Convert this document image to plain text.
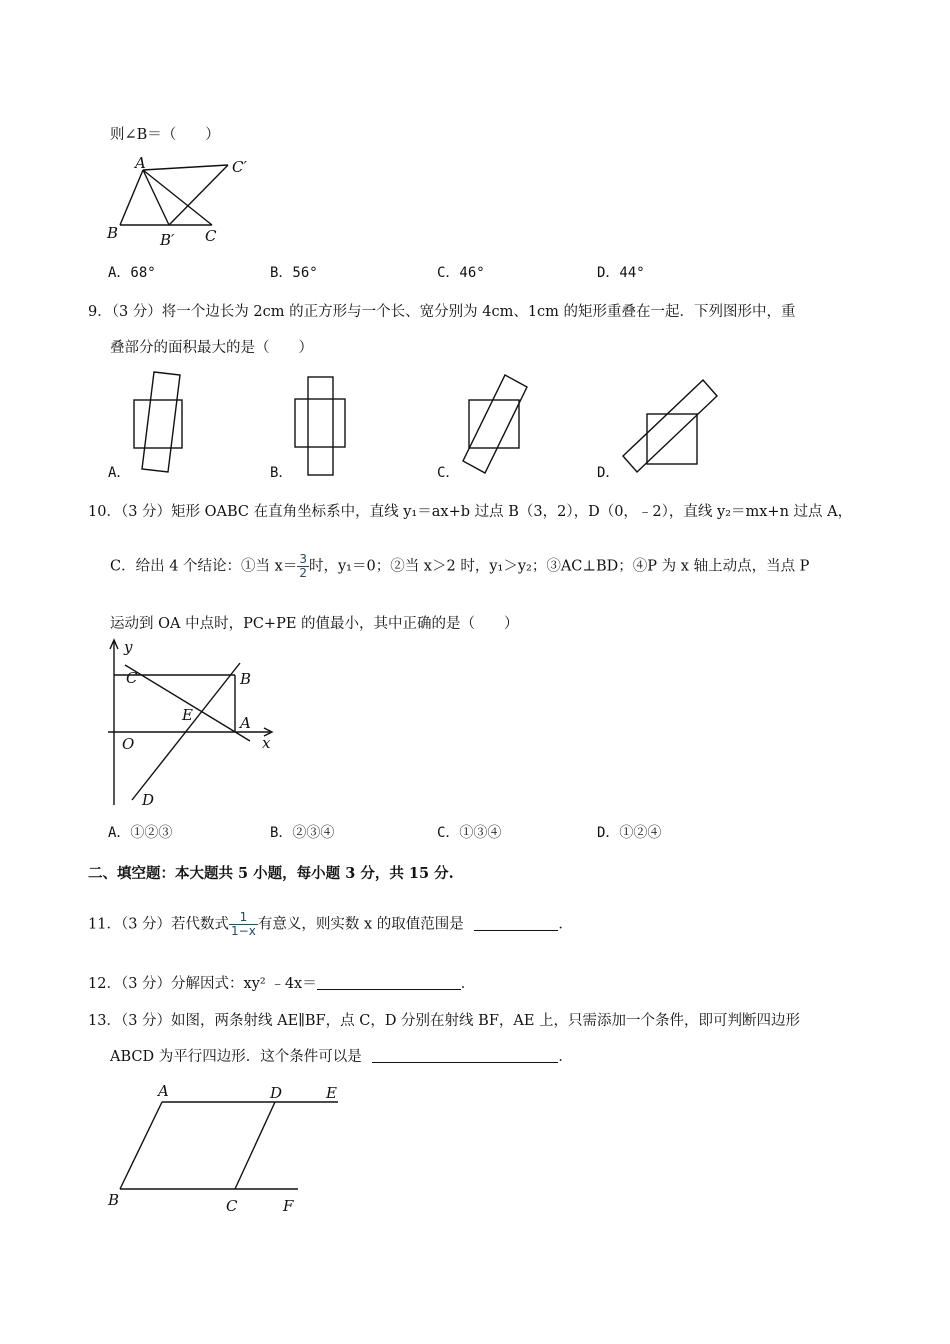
则∠B＝（　　）
A
B	B′ C
C′
A．68°	B．56°	C．46°	D．44°
9．（3 分）将一个边长为 2cm 的正方形与一个长、宽分别为 4cm、1cm 的矩形重叠在一起．下列图形中，重
叠部分的面积最大的是（　　）
A．	B．	C．	D．
10．（3 分）矩形 OABC 在直角坐标系中，直线 y₁＝ax+b 过点 B（3，2），D（0，﹣2），直线 y₂＝mx+n 过点 A，
C．给出 4 个结论：①当 $x= \frac{3}{2}$ 时，y₁＝0；②当 x＞2 时，y₁＞y₂；③AC⊥BD；④P 为 x 轴上动点，当点 P
运动到 OA 中点时，PC+PE 的值最小，其中正确的是（　　）
y
x
C	B
E	A
O
D
A．①②③	B．②③④	C．①③④	D．①②④
二、填空题：本大题共 5 小题，每小题 3 分，共 15 分.
11．（3 分）若代数式 $\frac{1}{1-x}$ 有意义，则实数 x 的取值范围是	．
12．（3 分）分解因式：xy² ﹣4x＝	．
13．（3 分）如图，两条射线 AE∥BF，点 C，D 分别在射线 BF，AE 上，只需添加一个条件，即可判断四边形
ABCD 为平行四边形．这个条件可以是	．
A	D	E
B	C	F
